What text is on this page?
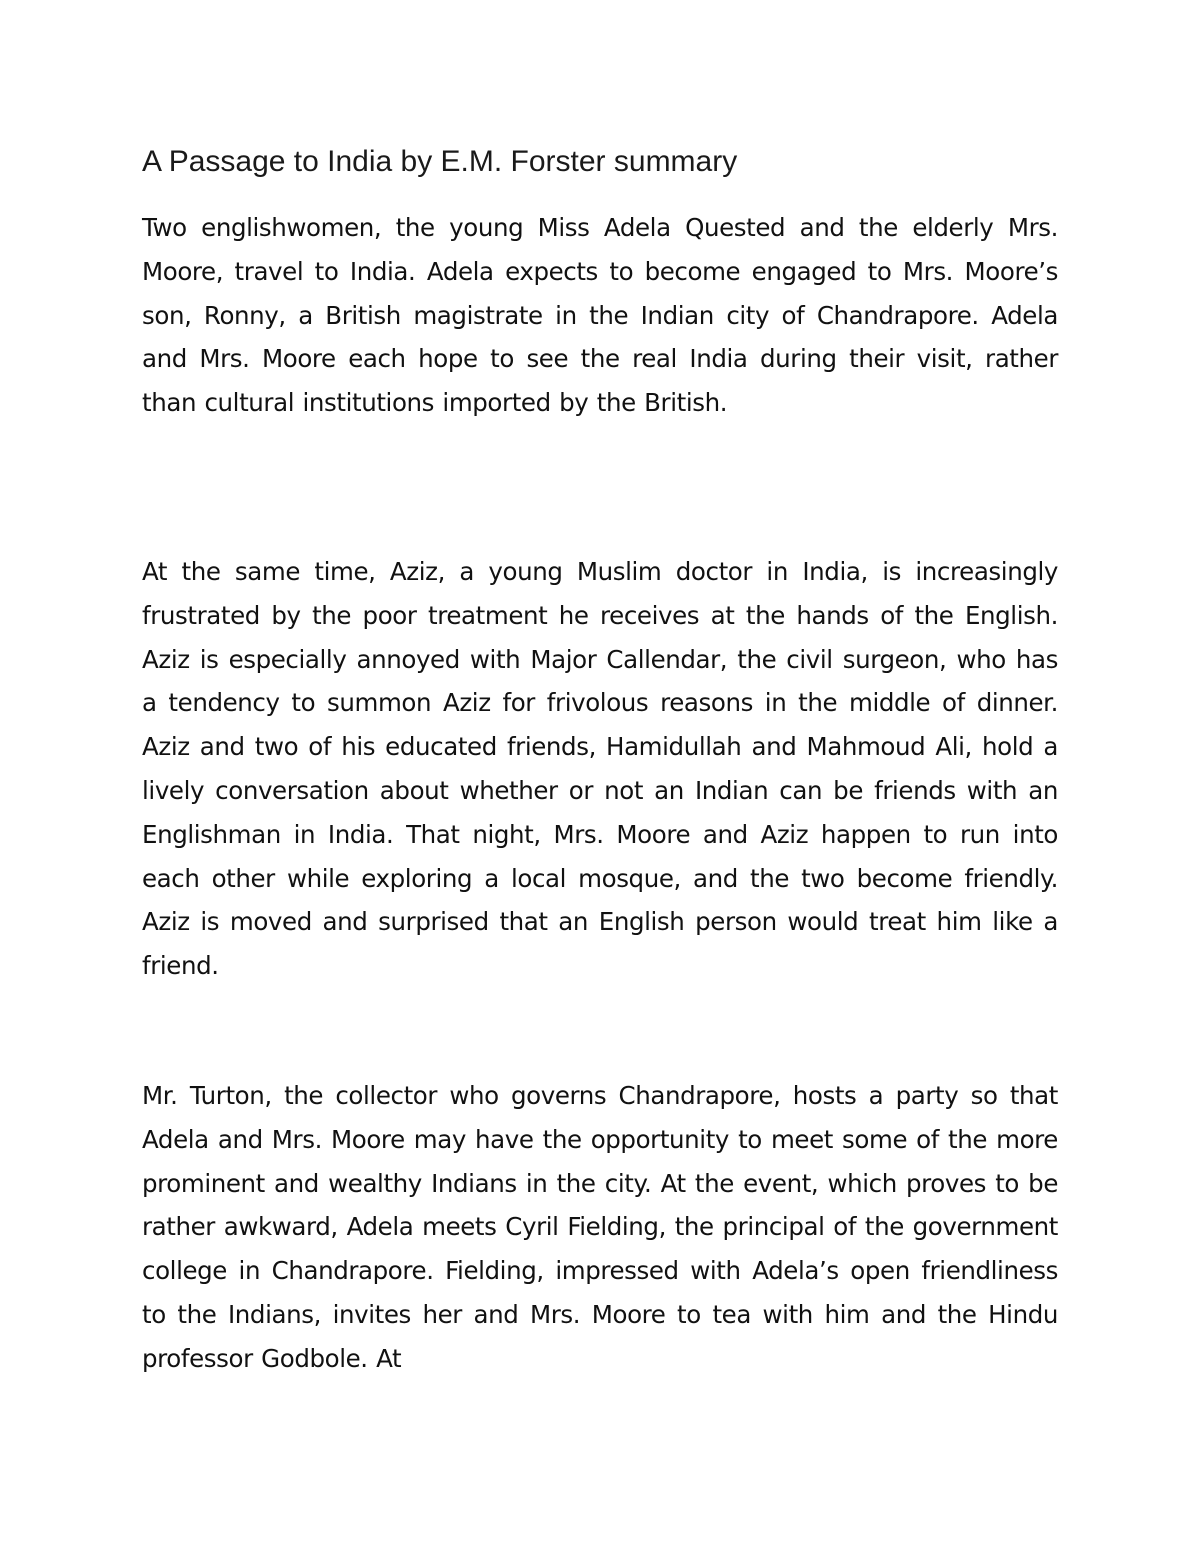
A Passage to India by E.M. Forster summary

Two englishwomen, the young Miss Adela Quested and the elderly Mrs. Moore, travel to India. Adela expects to become engaged to Mrs. Moore’s son, Ronny, a British magistrate in the Indian city of Chandrapore. Adela and Mrs. Moore each hope to see the real India during their visit, rather than cultural institutions imported by the British.

At the same time, Aziz, a young Muslim doctor in India, is increasingly frustrated by the poor treatment he receives at the hands of the English. Aziz is especially annoyed with Major Callendar, the civil surgeon, who has a tendency to summon Aziz for frivolous reasons in the middle of dinner. Aziz and two of his educated friends, Hamidullah and Mahmoud Ali, hold a lively conversation about whether or not an Indian can be friends with an Englishman in India. That night, Mrs. Moore and Aziz happen to run into each other while exploring a local mosque, and the two become friendly. Aziz is moved and surprised that an English person would treat him like a friend.

Mr. Turton, the collector who governs Chandrapore, hosts a party so that Adela and Mrs. Moore may have the opportunity to meet some of the more prominent and wealthy Indians in the city. At the event, which proves to be rather awkward, Adela meets Cyril Fielding, the principal of the government college in Chandrapore. Fielding, impressed with Adela’s open friendliness to the Indians, invites her and Mrs. Moore to tea with him and the Hindu professor Godbole. At
